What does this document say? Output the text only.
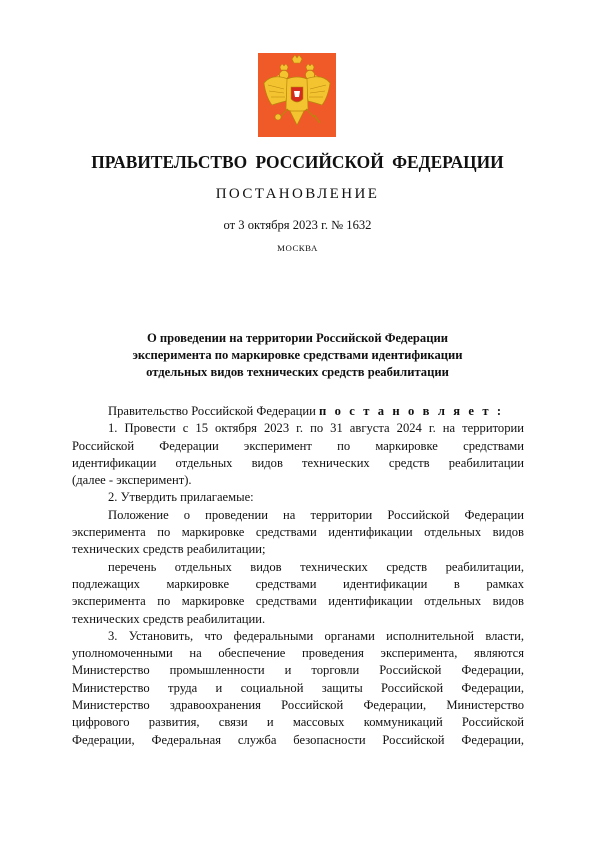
ПРАВИТЕЛЬСТВО РОССИЙСКОЙ ФЕДЕРАЦИИ
ПОСТАНОВЛЕНИЕ
от 3 октября 2023 г. № 1632
МОСКВА
О проведении на территории Российской Федерации
эксперимента по маркировке средствами идентификации
отдельных видов технических средств реабилитации
Правительство Российской Федерации п о с т а н о в л я е т :
1. Провести с 15 октября 2023 г. по 31 августа 2024 г. на территории
Российской Федерации эксперимент по маркировке средствами
идентификации отдельных видов технических средств реабилитации
(далее - эксперимент).
2. Утвердить прилагаемые:
Положение о проведении на территории Российской Федерации
эксперимента по маркировке средствами идентификации отдельных видов
технических средств реабилитации;
перечень отдельных видов технических средств реабилитации,
подлежащих маркировке средствами идентификации в рамках
эксперимента по маркировке средствами идентификации отдельных видов
технических средств реабилитации.
3. Установить, что федеральными органами исполнительной власти,
уполномоченными на обеспечение проведения эксперимента, являются
Министерство промышленности и торговли Российской Федерации,
Министерство труда и социальной защиты Российской Федерации,
Министерство здравоохранения Российской Федерации, Министерство
цифрового развития, связи и массовых коммуникаций Российской
Федерации, Федеральная служба безопасности Российской Федерации,
